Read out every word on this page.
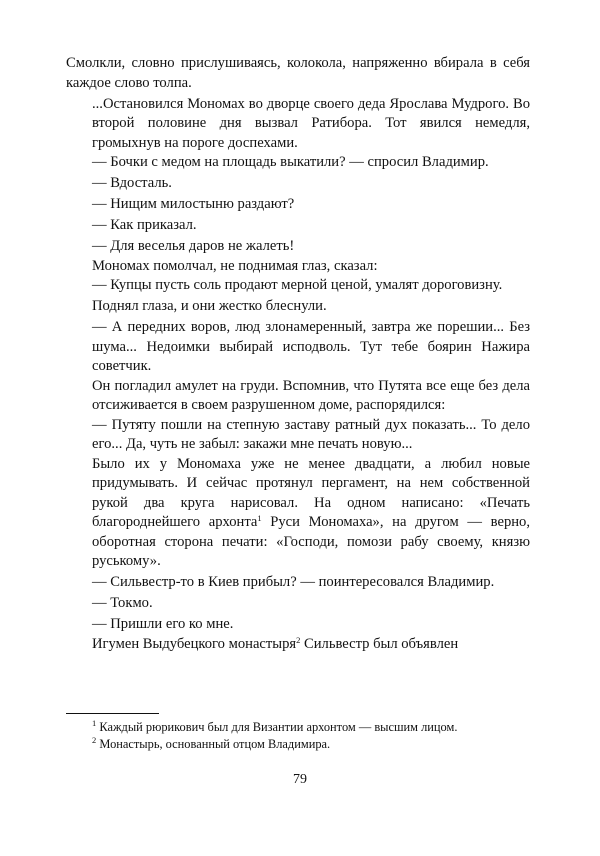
Смолкли, словно прислушиваясь, колокола, напряженно вбирала в себя каждое слово толпа.

...Остановился Мономах во дворце своего деда Ярослава Мудрого. Во второй половине дня вызвал Ратибора. Тот явился немедля, громыхнув на пороге доспехами.

— Бочки с медом на площадь выкатили? — спросил Владимир.

— Вдосталь.

— Нищим милостыню раздают?

— Как приказал.

— Для веселья даров не жалеть!

Мономах помолчал, не поднимая глаз, сказал:

— Купцы пусть соль продают мерной ценой, умалят дороговизну.

Поднял глаза, и они жестко блеснули.

— А передних воров, люд злонамеренный, завтра же порешии... Без шума... Недоимки выбирай исподволь. Тут тебе боярин Нажира советчик.

Он погладил амулет на груди. Вспомнив, что Путята все еще без дела отсиживается в своем разрушенном доме, распорядился:

— Путяту пошли на степную заставу ратный дух показать... То дело его... Да, чуть не забыл: закажи мне печать новую...

Было их у Мономаха уже не менее двадцати, а любил новые придумывать. И сейчас протянул пергамент, на нем собственной рукой два круга нарисовал. На одном написано: «Печать благороднейшего архонта$^1$ Руси Мономаха», на другом — верно, оборотная сторона печати: «Господи, помози рабу своему, князю руському».

— Сильвестр-то в Киев прибыл? — поинтересовался Владимир.

— Токмо.

— Пришли его ко мне.

Игумен Выдубецкого монастыря$^2$ Сильвестр был объявлен

$^1$ Каждый рюрикович был для Византии архонтом — высшим лицом.

$^2$ Монастырь, основанный отцом Владимира.

79
